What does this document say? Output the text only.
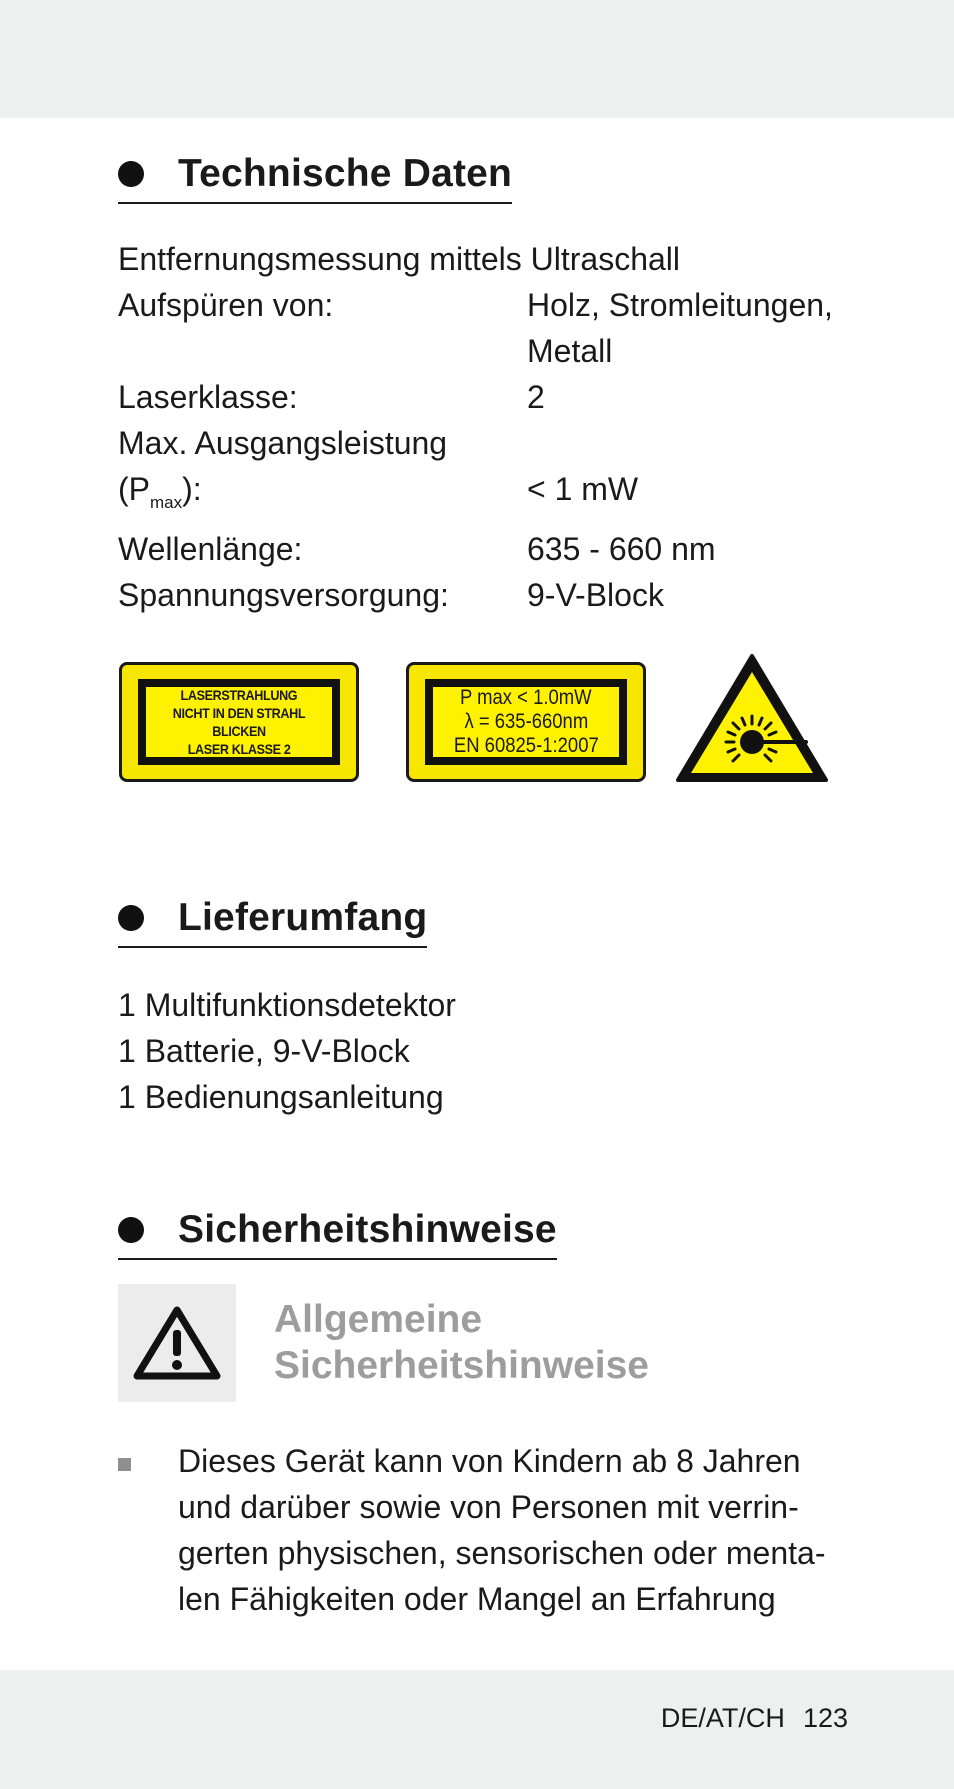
Technische Daten
Entfernungsmessung mittels Ultraschall
Aufspüren von:	Holz, Stromleitungen,
Metall
Laserklasse:	2
Max. Ausgangsleistung
$(P_{max})$:	< 1 mW
Wellenlänge:	635 - 660 nm
Spannungsversorgung:	9-V-Block
LASERSTRAHLUNG
NICHT IN DEN STRAHL BLICKEN
LASER KLASSE 2
P max < 1.0mW
λ = 635-660nm
EN 60825-1:2007
Lieferumfang
1 Multifunktionsdetektor
1 Batterie, 9-V-Block
1 Bedienungsanleitung
Sicherheitshinweise
Allgemeine
Sicherheitshinweise
Dieses Gerät kann von Kindern ab 8 Jahren
und darüber sowie von Personen mit verrin-
gerten physischen, sensorischen oder menta-
len Fähigkeiten oder Mangel an Erfahrung
DE/AT/CH 123
